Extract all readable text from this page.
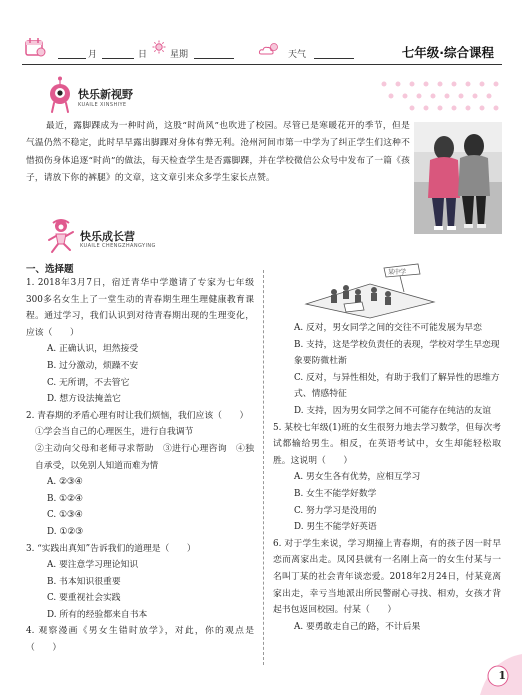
月	日	星期	天气	七年级·综合课程
快乐新视野
KUAILE XINSHIYE
最近，露脚踝成为一种时尚，这股“时尚风”也吹进了校园。尽管已是寒暖花开的季节，但是气温仍然不稳定，此时早早露出脚踝对身体有弊无利。沧州河间市第一中学为了纠正学生们这种不惜损伤身体追逐“时尚”的做法，每天检查学生是否露脚踝，并在学校微信公众号中发布了一篇《孩子，请放下你的裤腿》的文章，这文章引来众多学生家长点赞。
快乐成长营
KUAILE CHENGZHANGYING
一、选择题

1. 2018年3月7日，宿迁青华中学邀请了专家为七年级300多名女生上了一堂生动的青春期生理生理健康教育课程。通过学习，我们认识到对待青春期出现的生理变化，应该（　　）

A. 正确认识，坦然接受

B. 过分激动，烦躁不安

C. 无所谓，不去管它

D. 想方设法掩盖它

2. 青春期的矛盾心理有时让我们烦恼，我们应该（　　）

①学会当自己的心理医生，进行自我调节

②主动向父母和老师寻求帮助　③进行心理咨询　④独自承受，以免别人知道而难为情

A. ②③④

B. ①②④

C. ①③④

D. ①②③

3. “实践出真知”告诉我们的道理是（　　）

A. 要注意学习理论知识

B. 书本知识很重要

C. 要重视社会实践

D. 所有的经验都来自书本

4. 观察漫画《男女生错时放学》，对此，你的观点是（　　）

某中学

A. 反对，男女同学之间的交往不可能发展为早恋

B. 支持，这是学校负责任的表现，学校对学生早恋现象要防微杜渐

C. 反对，与异性相处，有助于我们了解异性的思维方式、情感特征

D. 支持，因为男女同学之间不可能存在纯洁的友谊

5. 某校七年级(1)班的女生很努力地去学习数学，但每次考试都输给男生。相反，在英语考试中，女生却能轻松取胜。这说明（　　）

A. 男女生各有优势，应相互学习

B. 女生不能学好数学

C. 努力学习是没用的

D. 男生不能学好英语

6. 对于学生来说，学习期撞上青春期，有的孩子因一时早恋而离家出走。凤冈县就有一名刚上高一的女生付某与一名叫丁某的社会青年谈恋爱。2018年2月24日，付某竟离家出走，幸亏当地派出所民警耐心寻找、相劝，女孩才背起书包返回校园。付某（　　）

A. 要勇敢走自己的路，不计后果

1
